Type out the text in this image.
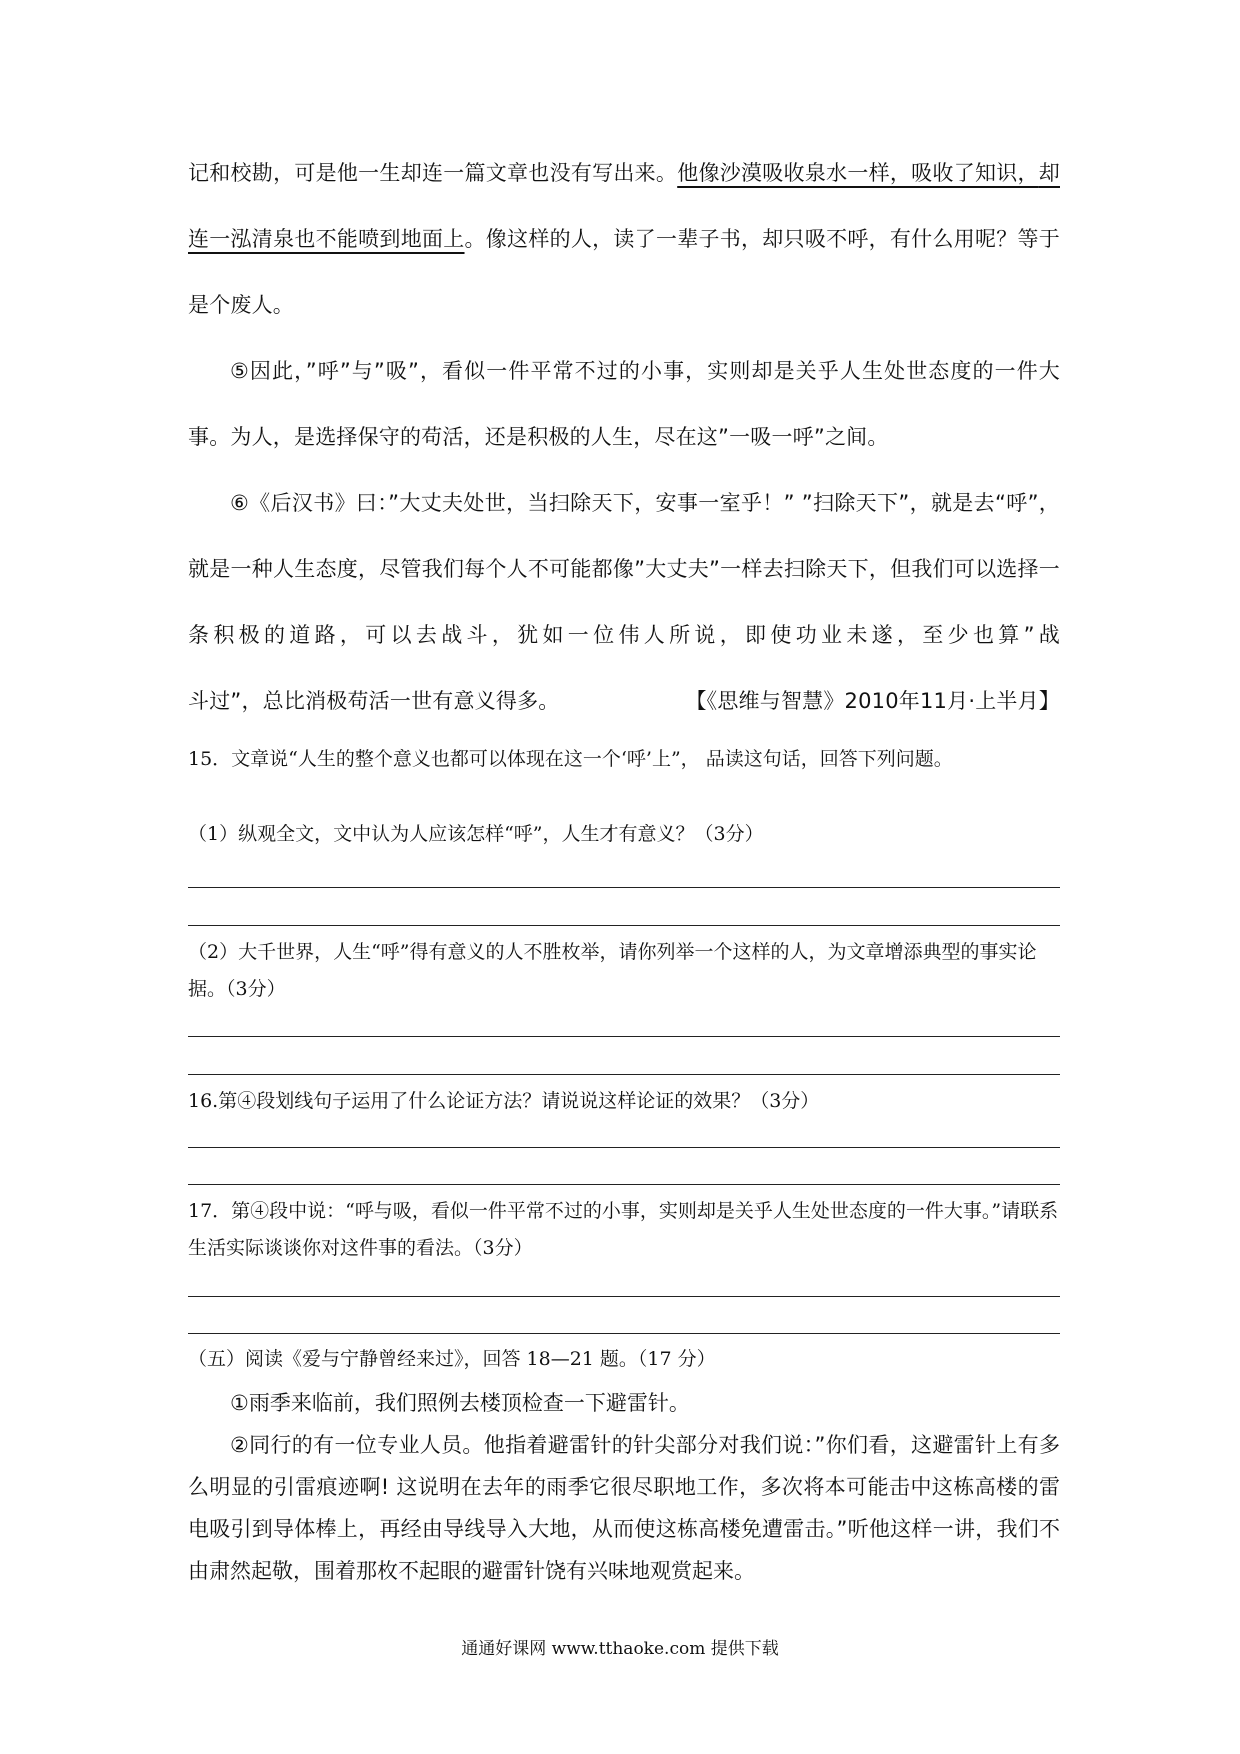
记和校勘，可是他一生却连一篇文章也没有写出来。他像沙漠吸收泉水一样，吸收了知识，却连一泓清泉也不能喷到地面上。像这样的人，读了一辈子书，却只吸不呼，有什么用呢？等于是个废人。

⑤因此，”呼”与”吸”，看似一件平常不过的小事，实则却是关乎人生处世态度的一件大事。为人，是选择保守的苟活，还是积极的人生，尽在这”一吸一呼”之间。

⑥《后汉书》曰：”大丈夫处世，当扫除天下，安事一室乎！” ”扫除天下”，就是去“呼”，就是一种人生态度，尽管我们每个人不可能都像”大丈夫”一样去扫除天下，但我们可以选择一条积极的道路，可以去战斗，犹如一位伟人所说，即使功业未遂，至少也算”战

斗过”，总比消极苟活一世有意义得多。	【《思维与智慧》2010年11月·上半月】

15．文章说“人生的整个意义也都可以体现在这一个‘呼’上”， 品读这句话，回答下列问题。

（1）纵观全文，文中认为人应该怎样“呼”，人生才有意义？（3分）

（2）大千世界，人生“呼”得有意义的人不胜枚举，请你列举一个这样的人，为文章增添典型的事实论据。（3分）

16.第④段划线句子运用了什么论证方法？请说说这样论证的效果？（3分）

17．第④段中说：“呼与吸，看似一件平常不过的小事，实则却是关乎人生处世态度的一件大事。”请联系生活实际谈谈你对这件事的看法。（3分）

（五）阅读《爱与宁静曾经来过》，回答 18—21 题。（17 分）

①雨季来临前，我们照例去楼顶检查一下避雷针。

②同行的有一位专业人员。他指着避雷针的针尖部分对我们说：”你们看，这避雷针上有多么明显的引雷痕迹啊! 这说明在去年的雨季它很尽职地工作，多次将本可能击中这栋高楼的雷电吸引到导体棒上，再经由导线导入大地，从而使这栋高楼免遭雷击。”听他这样一讲，我们不由肃然起敬，围着那枚不起眼的避雷针饶有兴味地观赏起来。

通通好课网 www.tthaoke.com 提供下载
